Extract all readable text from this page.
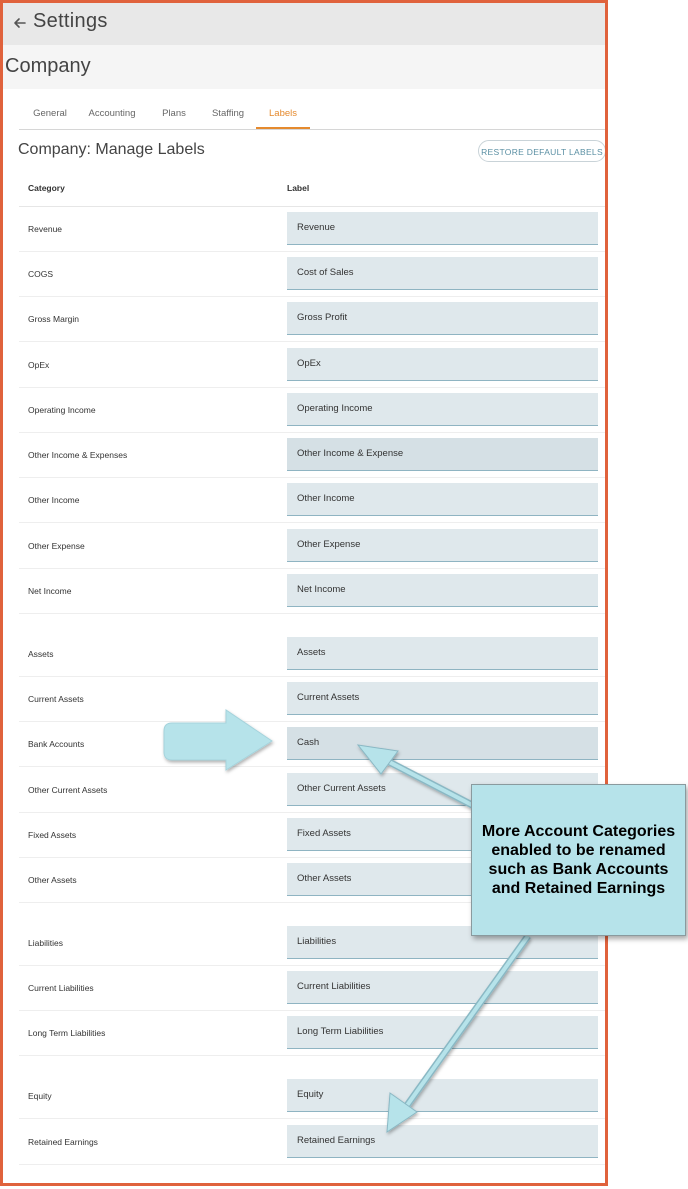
Settings
Company
General	Accounting	Plans	Staffing	Labels
Company: Manage Labels	RESTORE DEFAULT LABELS
Category	Label
Revenue	Revenue
COGS	Cost of Sales
Gross Margin	Gross Profit
OpEx	OpEx
Operating Income	Operating Income
Other Income & Expenses	Other Income & Expense
Other Income	Other Income
Other Expense	Other Expense
Net Income	Net Income
Assets	Assets
Current Assets	Current Assets
Bank Accounts	Cash
Other Current Assets	Other Current Assets
Fixed Assets	Fixed Assets
Other Assets	Other Assets
Liabilities	Liabilities
Current Liabilities	Current Liabilities
Long Term Liabilities	Long Term Liabilities
Equity	Equity
Retained Earnings	Retained Earnings
More Account Categories enabled to be renamed such as Bank Accounts and Retained Earnings
